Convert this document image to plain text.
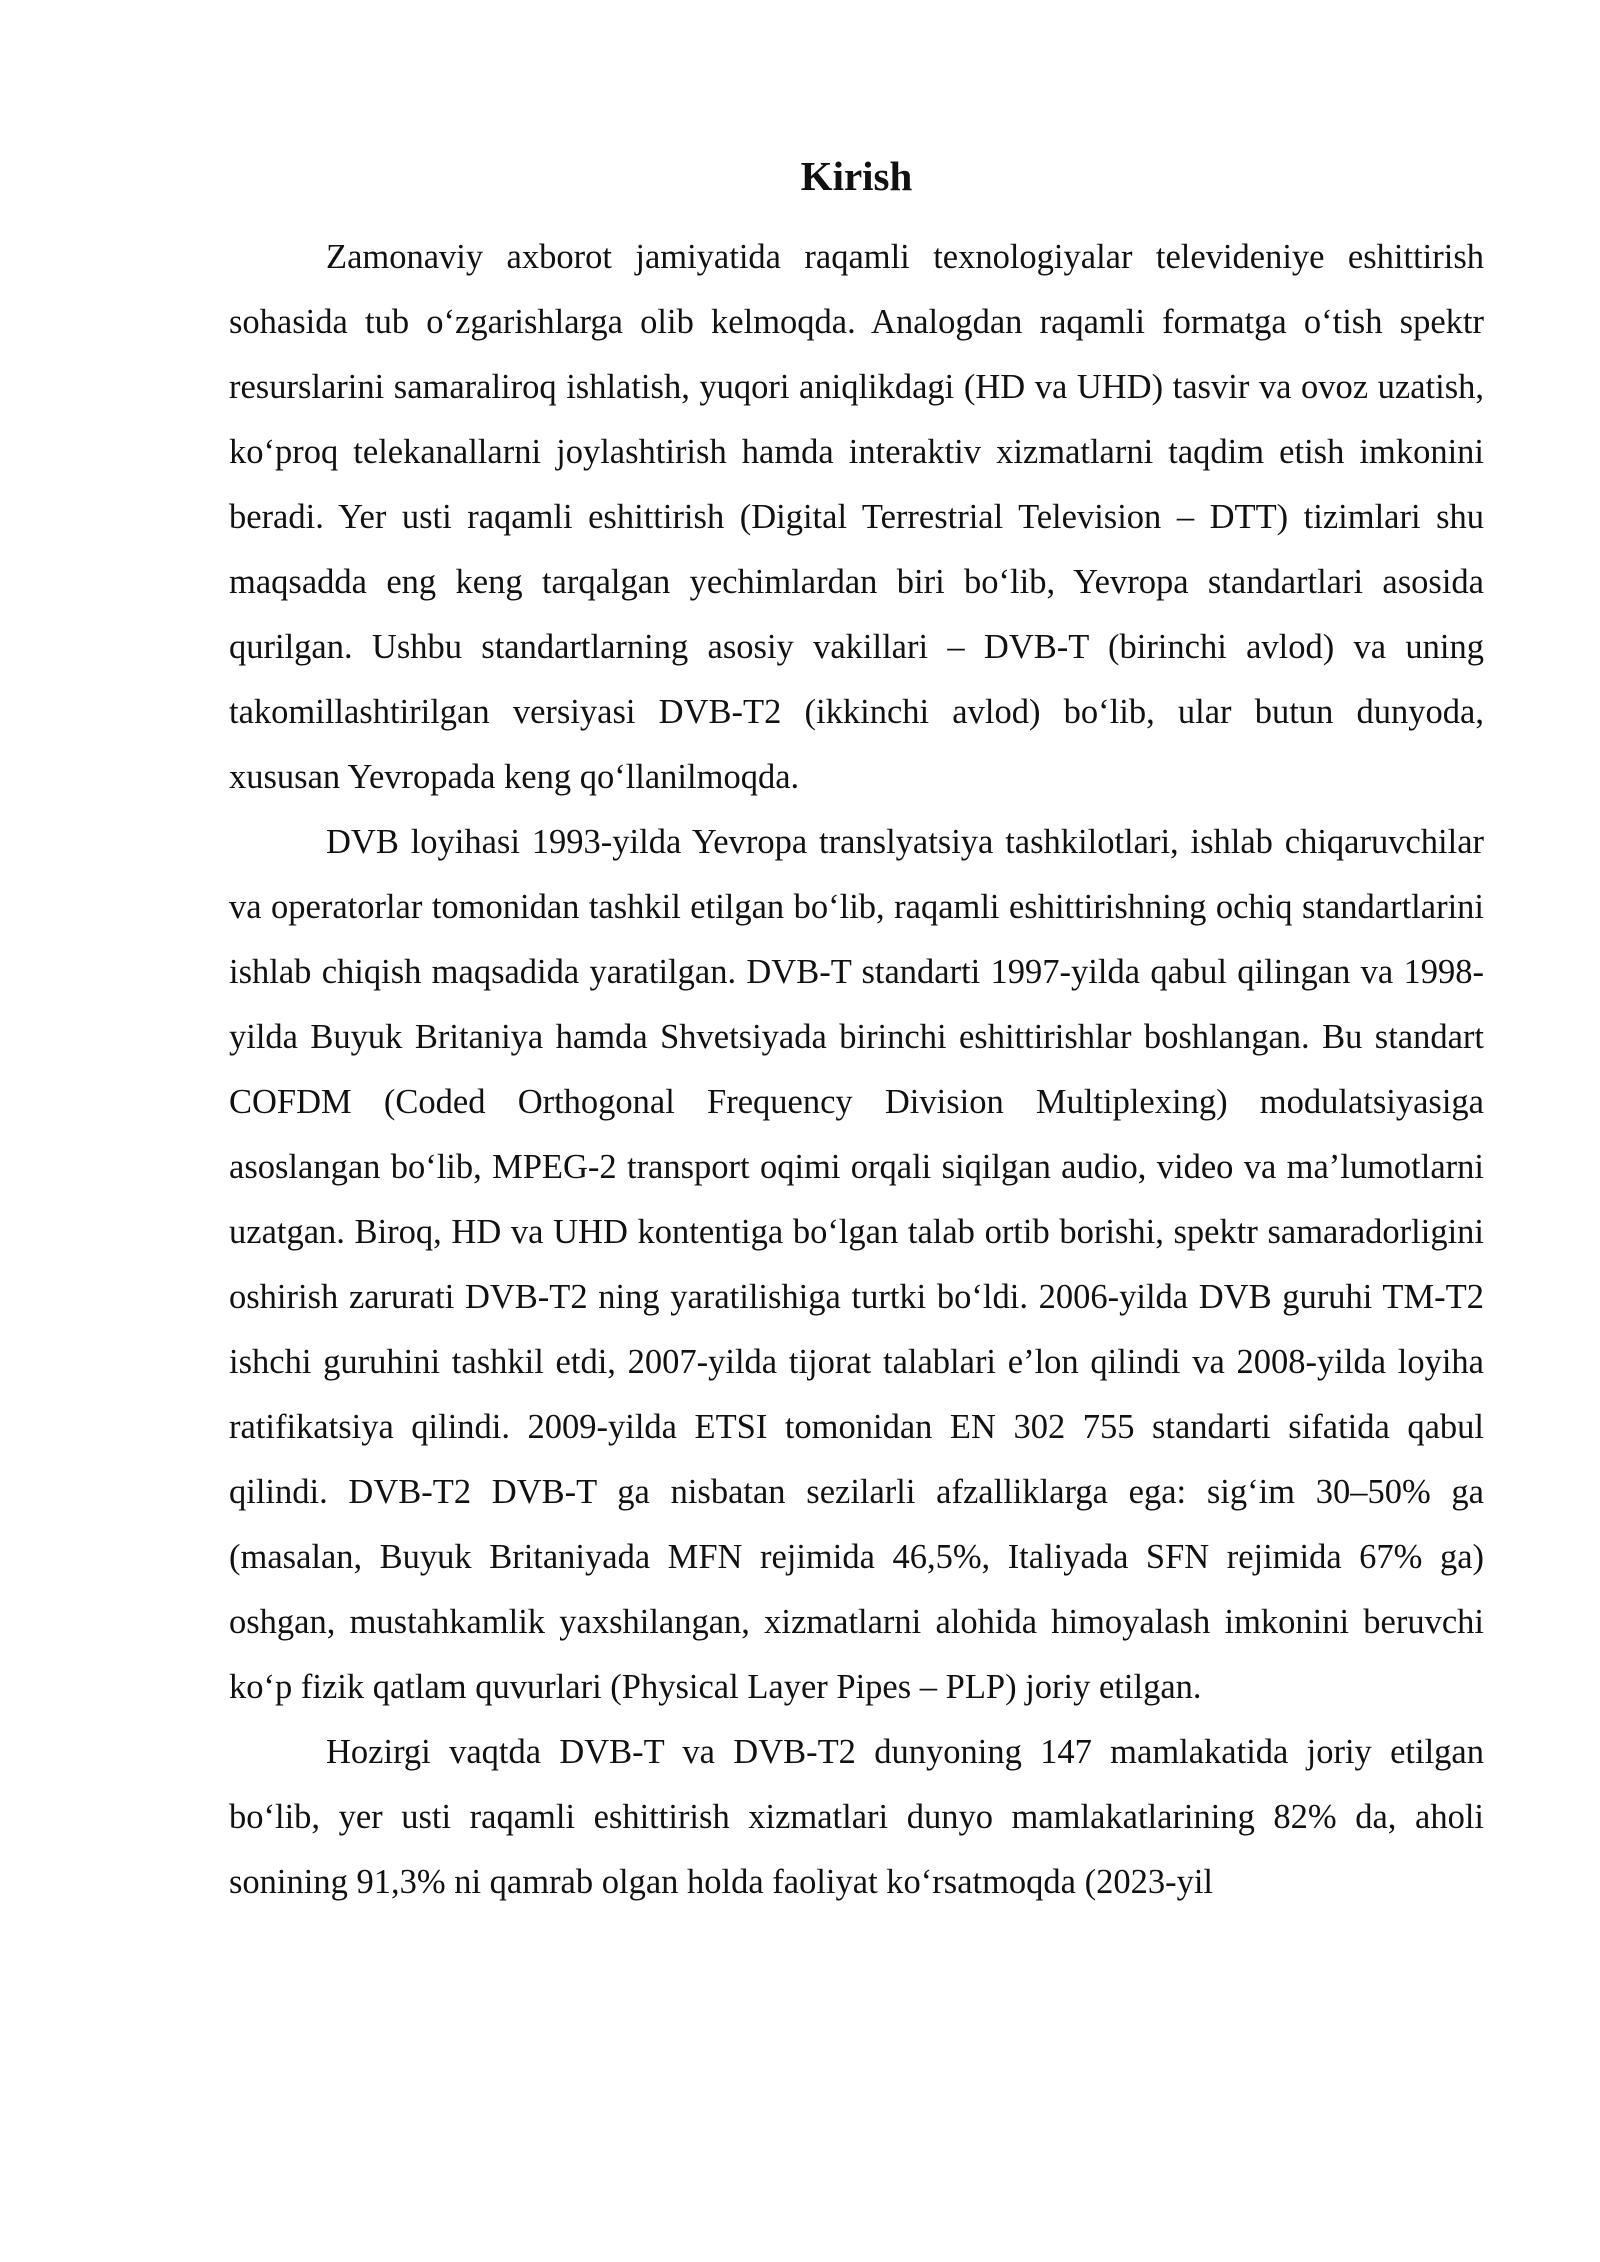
Kirish

Zamonaviy axborot jamiyatida raqamli texnologiyalar televideniye eshittirish sohasida tub o‘zgarishlarga olib kelmoqda. Analogdan raqamli formatga o‘tish spektr resurslarini samaraliroq ishlatish, yuqori aniqlikdagi (HD va UHD) tasvir va ovoz uzatish, ko‘proq telekanallarni joylashtirish hamda interaktiv xizmatlarni taqdim etish imkonini beradi. Yer usti raqamli eshittirish (Digital Terrestrial Television – DTT) tizimlari shu maqsadda eng keng tarqalgan yechimlardan biri bo‘lib, Yevropa standartlari asosida qurilgan. Ushbu standartlarning asosiy vakillari – DVB-T (birinchi avlod) va uning takomillashtirilgan versiyasi DVB-T2 (ikkinchi avlod) bo‘lib, ular butun dunyoda, xususan Yevropada keng qo‘llanilmoqda.

DVB loyihasi 1993-yilda Yevropa translyatsiya tashkilotlari, ishlab chiqaruvchilar va operatorlar tomonidan tashkil etilgan bo‘lib, raqamli eshittirishning ochiq standartlarini ishlab chiqish maqsadida yaratilgan. DVB-T standarti 1997-yilda qabul qilingan va 1998-yilda Buyuk Britaniya hamda Shvetsiyada birinchi eshittirishlar boshlangan. Bu standart COFDM (Coded Orthogonal Frequency Division Multiplexing) modulatsiyasiga asoslangan bo‘lib, MPEG-2 transport oqimi orqali siqilgan audio, video va ma’lumotlarni uzatgan. Biroq, HD va UHD kontentiga bo‘lgan talab ortib borishi, spektr samaradorligini oshirish zarurati DVB-T2 ning yaratilishiga turtki bo‘ldi. 2006-yilda DVB guruhi TM-T2 ishchi guruhini tashkil etdi, 2007-yilda tijorat talablari e’lon qilindi va 2008-yilda loyiha ratifikatsiya qilindi. 2009-yilda ETSI tomonidan EN 302 755 standarti sifatida qabul qilindi. DVB-T2 DVB-T ga nisbatan sezilarli afzalliklarga ega: sig‘im 30–50% ga (masalan, Buyuk Britaniyada MFN rejimida 46,5%, Italiyada SFN rejimida 67% ga) oshgan, mustahkamlik yaxshilangan, xizmatlarni alohida himoyalash imkonini beruvchi ko‘p fizik qatlam quvurlari (Physical Layer Pipes – PLP) joriy etilgan.

Hozirgi vaqtda DVB-T va DVB-T2 dunyoning 147 mamlakatida joriy etilgan bo‘lib, yer usti raqamli eshittirish xizmatlari dunyo mamlakatlarining 82% da, aholi sonining 91,3% ni qamrab olgan holda faoliyat ko‘rsatmoqda (2023-yil
